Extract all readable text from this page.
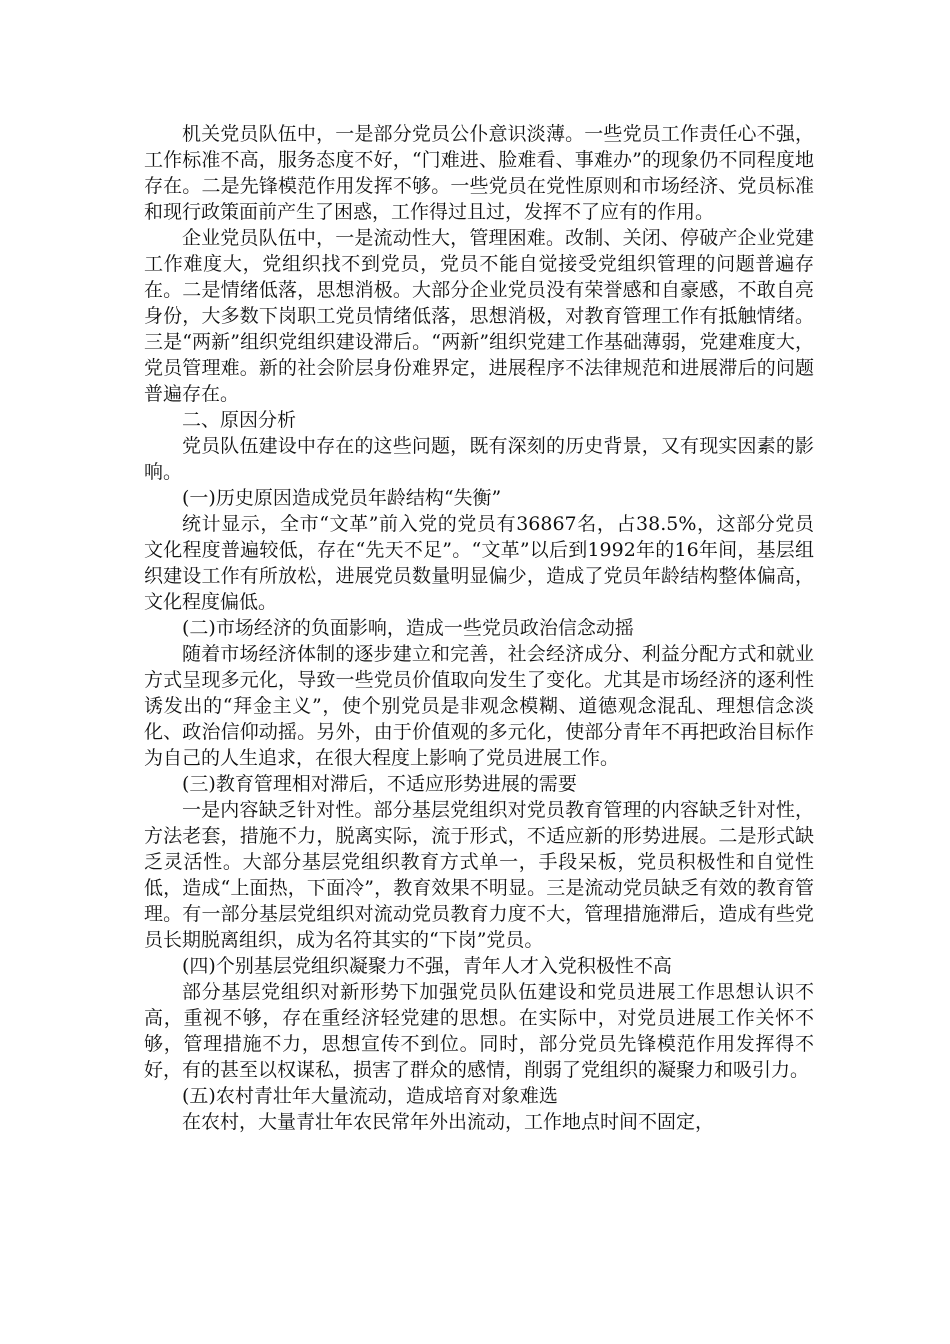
机关党员队伍中，一是部分党员公仆意识淡薄。一些党员工作责任心不强，工作标准不高，服务态度不好，“门难进、脸难看、事难办”的现象仍不同程度地存在。二是先锋模范作用发挥不够。一些党员在党性原则和市场经济、党员标准和现行政策面前产生了困惑，工作得过且过，发挥不了应有的作用。

企业党员队伍中，一是流动性大，管理困难。改制、关闭、停破产企业党建工作难度大，党组织找不到党员，党员不能自觉接受党组织管理的问题普遍存在。二是情绪低落，思想消极。大部分企业党员没有荣誉感和自豪感，不敢自亮身份，大多数下岗职工党员情绪低落，思想消极，对教育管理工作有抵触情绪。三是“两新”组织党组织建设滞后。“两新”组织党建工作基础薄弱，党建难度大，党员管理难。新的社会阶层身份难界定，进展程序不法律规范和进展滞后的问题普遍存在。

二、原因分析

党员队伍建设中存在的这些问题，既有深刻的历史背景，又有现实因素的影响。

(一)历史原因造成党员年龄结构“失衡”

统计显示，全市“文革”前入党的党员有36867名，占38.5%，这部分党员文化程度普遍较低，存在“先天不足”。“文革”以后到1992年的16年间，基层组织建设工作有所放松，进展党员数量明显偏少，造成了党员年龄结构整体偏高，文化程度偏低。

(二)市场经济的负面影响，造成一些党员政治信念动摇

随着市场经济体制的逐步建立和完善，社会经济成分、利益分配方式和就业方式呈现多元化，导致一些党员价值取向发生了变化。尤其是市场经济的逐利性诱发出的“拜金主义”，使个别党员是非观念模糊、道德观念混乱、理想信念淡化、政治信仰动摇。另外，由于价值观的多元化，使部分青年不再把政治目标作为自己的人生追求，在很大程度上影响了党员进展工作。

(三)教育管理相对滞后，不适应形势进展的需要

一是内容缺乏针对性。部分基层党组织对党员教育管理的内容缺乏针对性，方法老套，措施不力，脱离实际，流于形式，不适应新的形势进展。二是形式缺乏灵活性。大部分基层党组织教育方式单一，手段呆板，党员积极性和自觉性低，造成“上面热，下面冷”，教育效果不明显。三是流动党员缺乏有效的教育管理。有一部分基层党组织对流动党员教育力度不大，管理措施滞后，造成有些党员长期脱离组织，成为名符其实的“下岗”党员。

(四)个别基层党组织凝聚力不强，青年人才入党积极性不高

部分基层党组织对新形势下加强党员队伍建设和党员进展工作思想认识不高，重视不够，存在重经济轻党建的思想。在实际中，对党员进展工作关怀不够，管理措施不力，思想宣传不到位。同时，部分党员先锋模范作用发挥得不好，有的甚至以权谋私，损害了群众的感情，削弱了党组织的凝聚力和吸引力。

(五)农村青壮年大量流动，造成培育对象难选

在农村，大量青壮年农民常年外出流动，工作地点时间不固定，
